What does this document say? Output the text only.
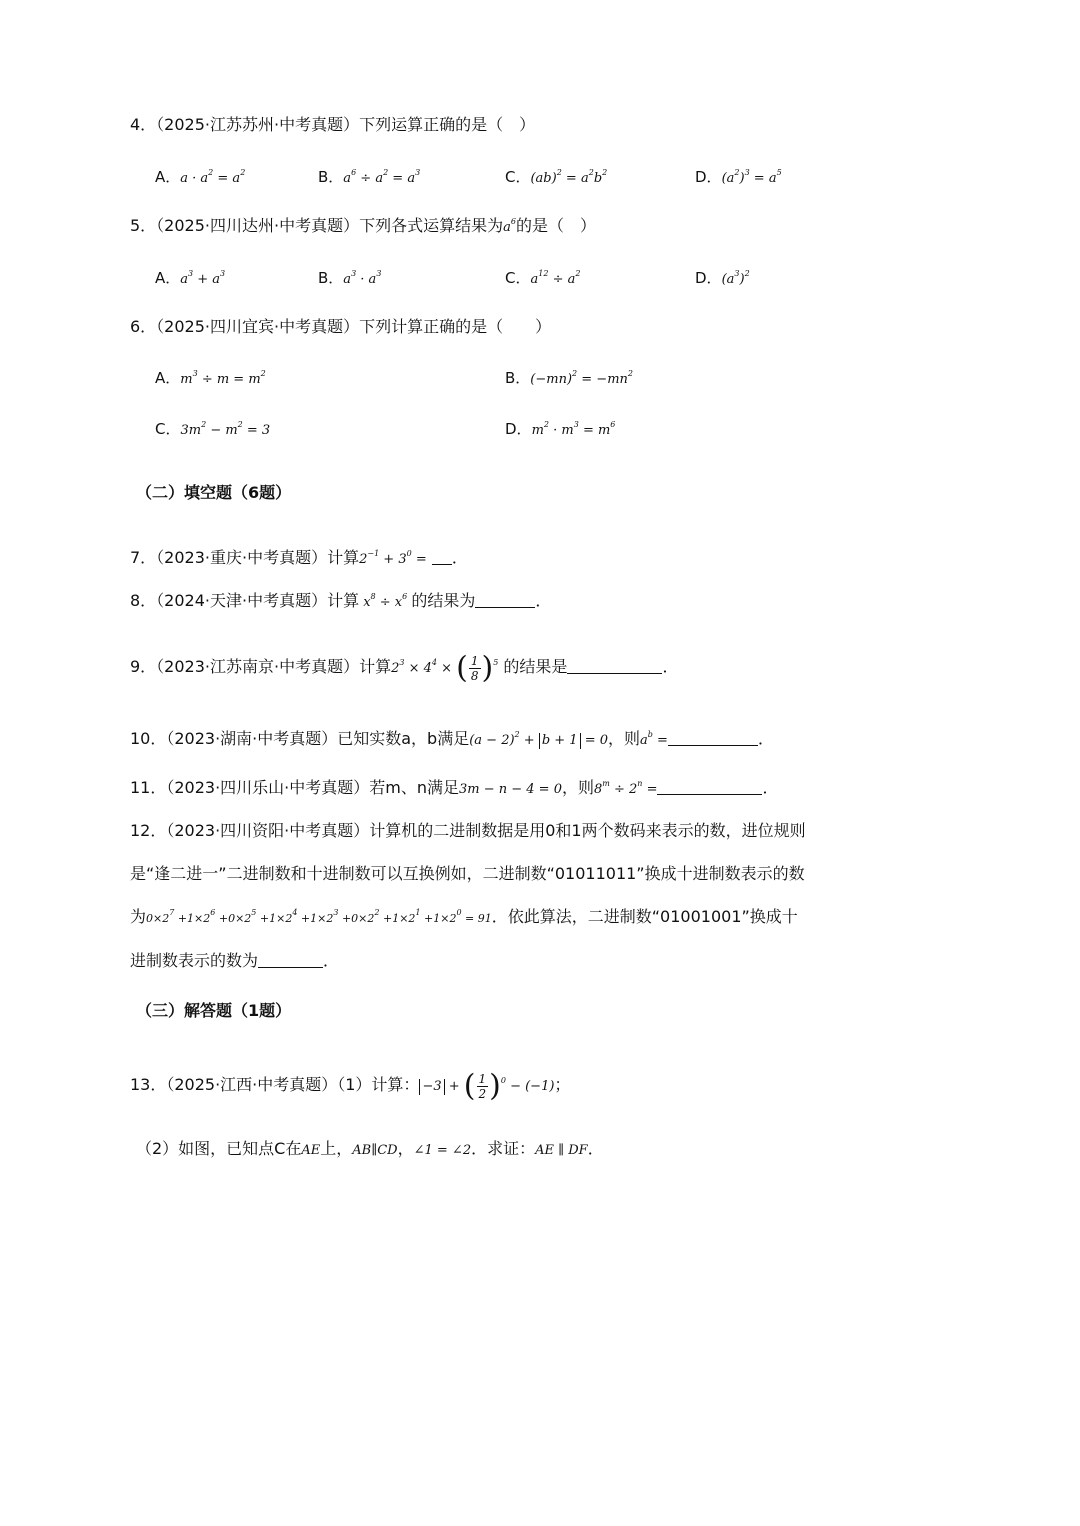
4．（2025·江苏苏州·中考真题）下列运算正确的是（　）
A．$a \cdot a^2 = a^2$	B．$a^6 \div a^2 = a^3$	C．$(ab)^2 = a^2b^2$	D．$(a^2)^3 = a^5$
5．（2025·四川达州·中考真题）下列各式运算结果为$a^6$的是（　）
A．$a^3 + a^3$	B．$a^3 \cdot a^3$	C．$a^{12} \div a^2$	D．$(a^3)^2$
6．（2025·四川宜宾·中考真题）下列计算正确的是（　　）
A．$m^3 \div m = m^2$	B．$(-mn)^2 = -mn^2$
C．$3m^2 - m^2 = 3$	D．$m^2 \cdot m^3 = m^6$
（二）填空题（6题）
7．（2023·重庆·中考真题）计算$2^{-1} + 3^0$ = ．
8．（2024·天津·中考真题）计算 $x^8 \div x^6$ 的结果为	．
9．（2023·江苏南京·中考真题）计算$2^3 \times 4^4$ × ( $\frac{1}{8} )^5$ 的结果是	．
10．（2023·湖南·中考真题）已知实数a，b满足$(a - 2)^2 + b + 1 = 0$，则$a^b$ =	．
11．（2023·四川乐山·中考真题）若m、n满足3m − n − 4 = 0，则$8^m \div 2^n$ =	．
12．（2023·四川资阳·中考真题）计算机的二进制数据是用0和1两个数码来表示的数，进位规则
是“逢二进一”二进制数和十进制数可以互换例如，二进制数“01011011”换成十进制数表示的数
为$0\times 2^7 +1\times 2^6 +0\times 2^5 +1\times 2^4 +1\times 2^3 +0\times 2^2 +1\times 2^1 +1\times 2^0 = 91$．依此算法，二进制数“01001001”换成十
进制数表示的数为	．
（三）解答题（1题）
13．（2025·江西·中考真题）（1）计算： −3 + ( $\frac{1}{2} )^0 - (-1)$；
（2）如图，已知点C在AE上，AB∥CD，∠1 = ∠2．求证：AE ∥ DF．
